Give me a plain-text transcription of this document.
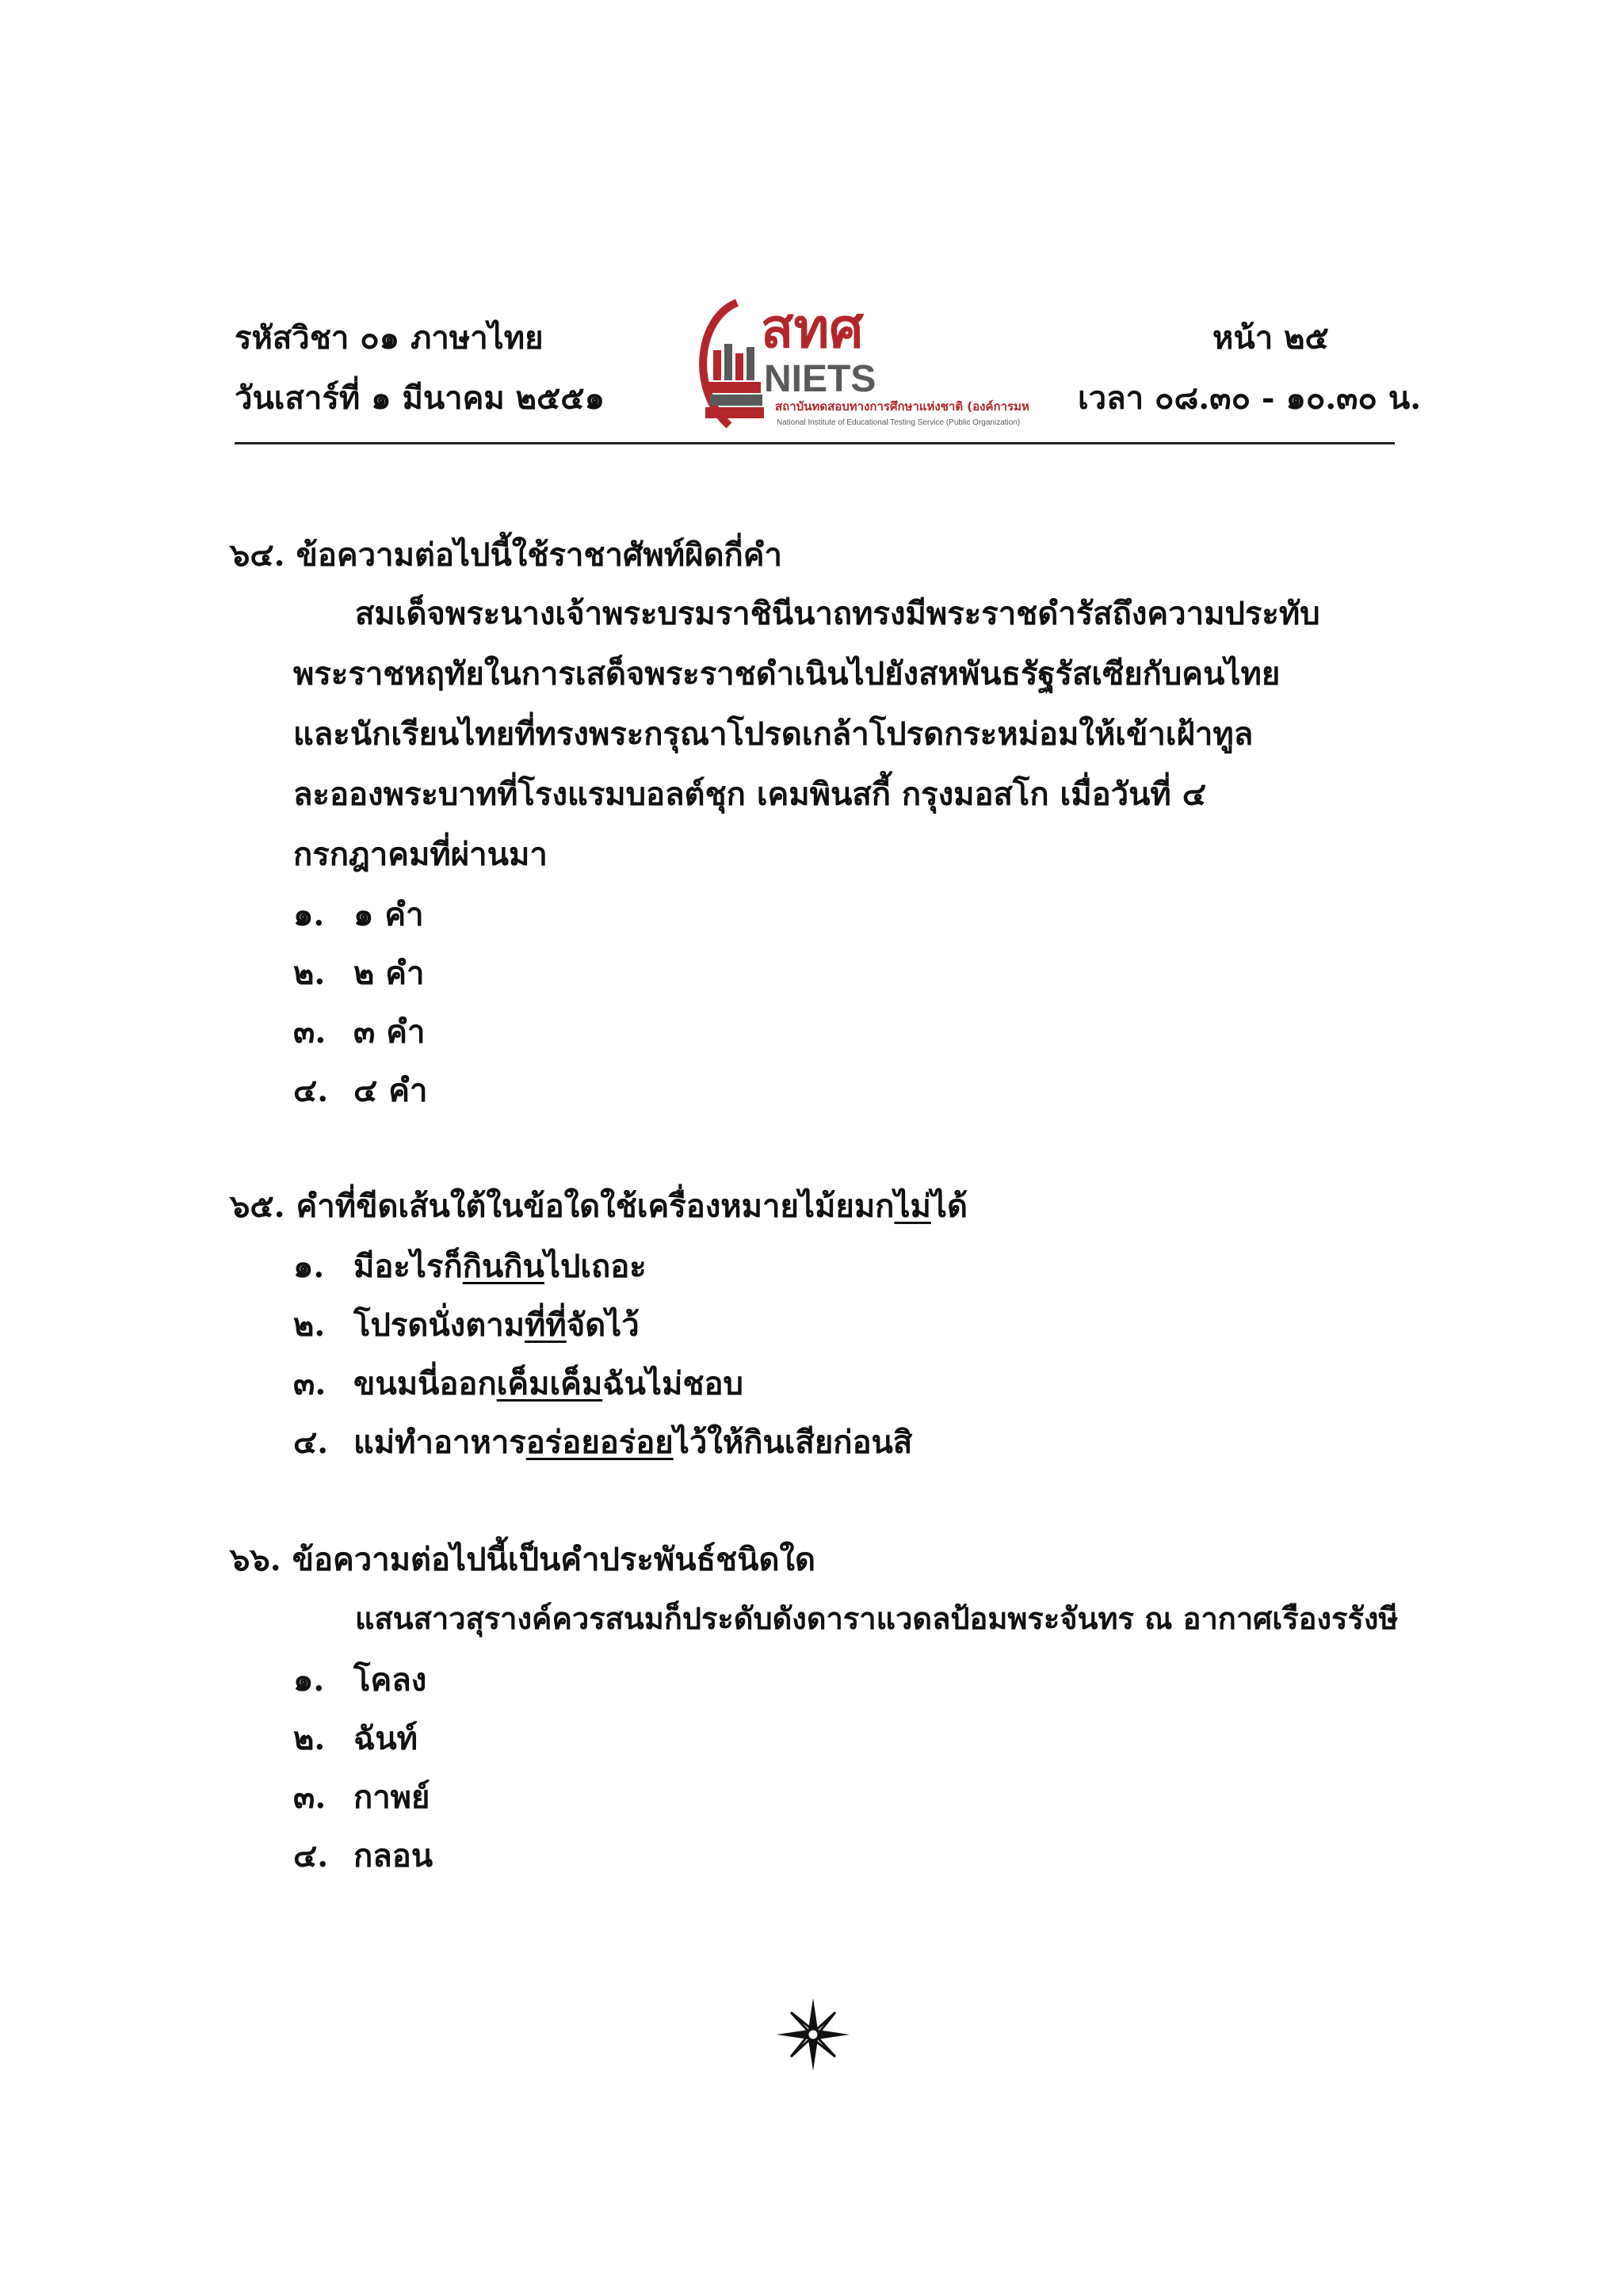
รหัสวิชา ๐๑ ภาษาไทย
วันเสาร์ที่ ๑ มีนาคม ๒๕๕๑
หน้า ๒๕
เวลา ๐๘.๓๐ - ๑๐.๓๐ น.
สทศ
NIETS
สถาบันทดสอบทางการศึกษาแห่งชาติ (องค์การมหาชน)
National Institute of Educational Testing Service (Public Organization)
๖๔. ข้อความต่อไปนี้ใช้ราชาศัพท์ผิดกี่คำ
สมเด็จพระนางเจ้าพระบรมราชินีนาถทรงมีพระราชดำรัสถึงความประทับ
พระราชหฤทัยในการเสด็จพระราชดำเนินไปยังสหพันธรัฐรัสเซียกับคนไทย
และนักเรียนไทยที่ทรงพระกรุณาโปรดเกล้าโปรดกระหม่อมให้เข้าเฝ้าทูล
ละอองพระบาทที่โรงแรมบอลต์ชุก เคมพินสกี้ กรุงมอสโก เมื่อวันที่ ๔
กรกฎาคมที่ผ่านมา
๑. ๑ คำ
๒. ๒ คำ
๓. ๓ คำ
๔. ๔ คำ
๖๕. คำที่ขีดเส้นใต้ในข้อใดใช้เครื่องหมายไม้ยมกไม่ได้
๑. มีอะไรก็กินกินไปเถอะ
๒. โปรดนั่งตามที่ที่จัดไว้
๓. ขนมนี่ออกเค็มเค็มฉันไม่ชอบ
๔. แม่ทำอาหารอร่อยอร่อยไว้ให้กินเสียก่อนสิ
๖๖. ข้อความต่อไปนี้เป็นคำประพันธ์ชนิดใด
แสนสาวสุรางค์ควรสนมก็ประดับดังดาราแวดลป้อมพระจันทร ณ อากาศเรืองรรังษี
๑. โคลง
๒. ฉันท์
๓. กาพย์
๔. กลอน
